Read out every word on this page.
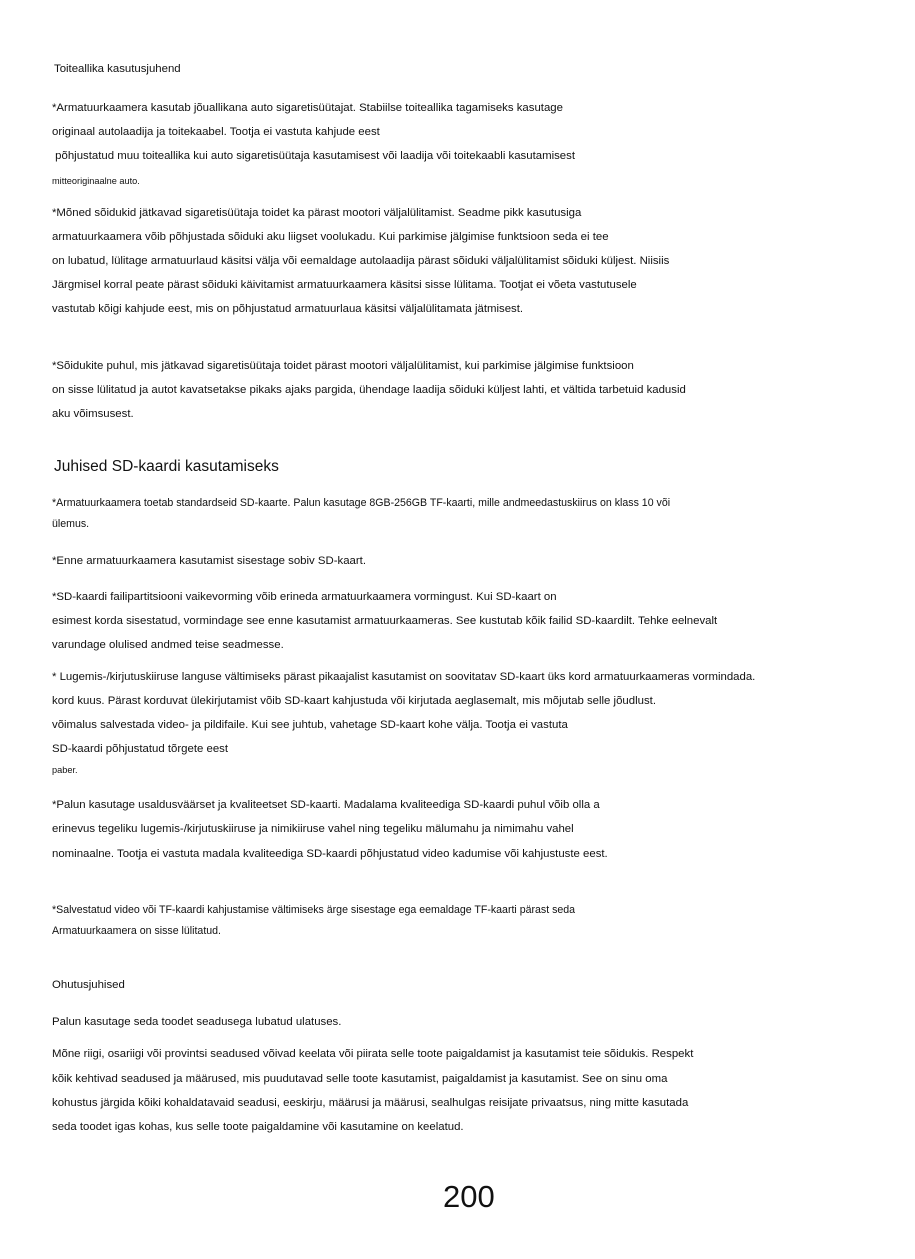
Toiteallika kasutusjuhend
*Armatuurkaamera kasutab jõuallikana auto sigaretisüütajat. Stabiilse toiteallika tagamiseks kasutage
originaal autolaadija ja toitekaabel. Tootja ei vastuta kahjude eest
põhjustatud muu toiteallika kui auto sigaretisüütaja kasutamisest või laadija või toitekaabli kasutamisest
mitteoriginaalne auto.
*Mõned sõidukid jätkavad sigaretisüütaja toidet ka pärast mootori väljalülitamist. Seadme pikk kasutusiga
armatuurkaamera võib põhjustada sõiduki aku liigset voolukadu. Kui parkimise jälgimise funktsioon seda ei tee
on lubatud, lülitage armatuurlaud käsitsi välja või eemaldage autolaadija pärast sõiduki väljalülitamist sõiduki küljest. Niisiis
Järgmisel korral peate pärast sõiduki käivitamist armatuurkaamera käsitsi sisse lülitama. Tootjat ei võeta vastutusele
vastutab kõigi kahjude eest, mis on põhjustatud armatuurlaua käsitsi väljalülitamata jätmisest.
*Sõidukite puhul, mis jätkavad sigaretisüütaja toidet pärast mootori väljalülitamist, kui parkimise jälgimise funktsioon
on sisse lülitatud ja autot kavatsetakse pikaks ajaks pargida, ühendage laadija sõiduki küljest lahti, et vältida tarbetuid kadusid
aku võimsusest.
Juhised SD-kaardi kasutamiseks
*Armatuurkaamera toetab standardseid SD-kaarte. Palun kasutage 8GB-256GB TF-kaarti, mille andmeedastuskiirus on klass 10 või
ülemus.
*Enne armatuurkaamera kasutamist sisestage sobiv SD-kaart.
*SD-kaardi failipartitsiooni vaikevorming võib erineda armatuurkaamera vormingust. Kui SD-kaart on
esimest korda sisestatud, vormindage see enne kasutamist armatuurkaameras. See kustutab kõik failid SD-kaardilt. Tehke eelnevalt
varundage olulised andmed teise seadmesse.
* Lugemis-/kirjutuskiiruse languse vältimiseks pärast pikaajalist kasutamist on soovitatav SD-kaart üks kord armatuurkaameras vormindada.
kord kuus. Pärast korduvat ülekirjutamist võib SD-kaart kahjustuda või kirjutada aeglasemalt, mis mõjutab selle jõudlust.
võimalus salvestada video- ja pildifaile. Kui see juhtub, vahetage SD-kaart kohe välja. Tootja ei vastuta
SD-kaardi põhjustatud tõrgete eest
paber.
*Palun kasutage usaldusväärset ja kvaliteetset SD-kaarti. Madalama kvaliteediga SD-kaardi puhul võib olla a
erinevus tegeliku lugemis-/kirjutuskiiruse ja nimikiiruse vahel ning tegeliku mälumahu ja nimimahu vahel
nominaalne. Tootja ei vastuta madala kvaliteediga SD-kaardi põhjustatud video kadumise või kahjustuste eest.
*Salvestatud video või TF-kaardi kahjustamise vältimiseks ärge sisestage ega eemaldage TF-kaarti pärast seda
Armatuurkaamera on sisse lülitatud.
Ohutusjuhised
Palun kasutage seda toodet seadusega lubatud ulatuses.
Mõne riigi, osariigi või provintsi seadused võivad keelata või piirata selle toote paigaldamist ja kasutamist teie sõidukis. Respekt
kõik kehtivad seadused ja määrused, mis puudutavad selle toote kasutamist, paigaldamist ja kasutamist. See on sinu oma
kohustus järgida kõiki kohaldatavaid seadusi, eeskirju, määrusi ja määrusi, sealhulgas reisijate privaatsus, ning mitte kasutada
seda toodet igas kohas, kus selle toote paigaldamine või kasutamine on keelatud.
200
